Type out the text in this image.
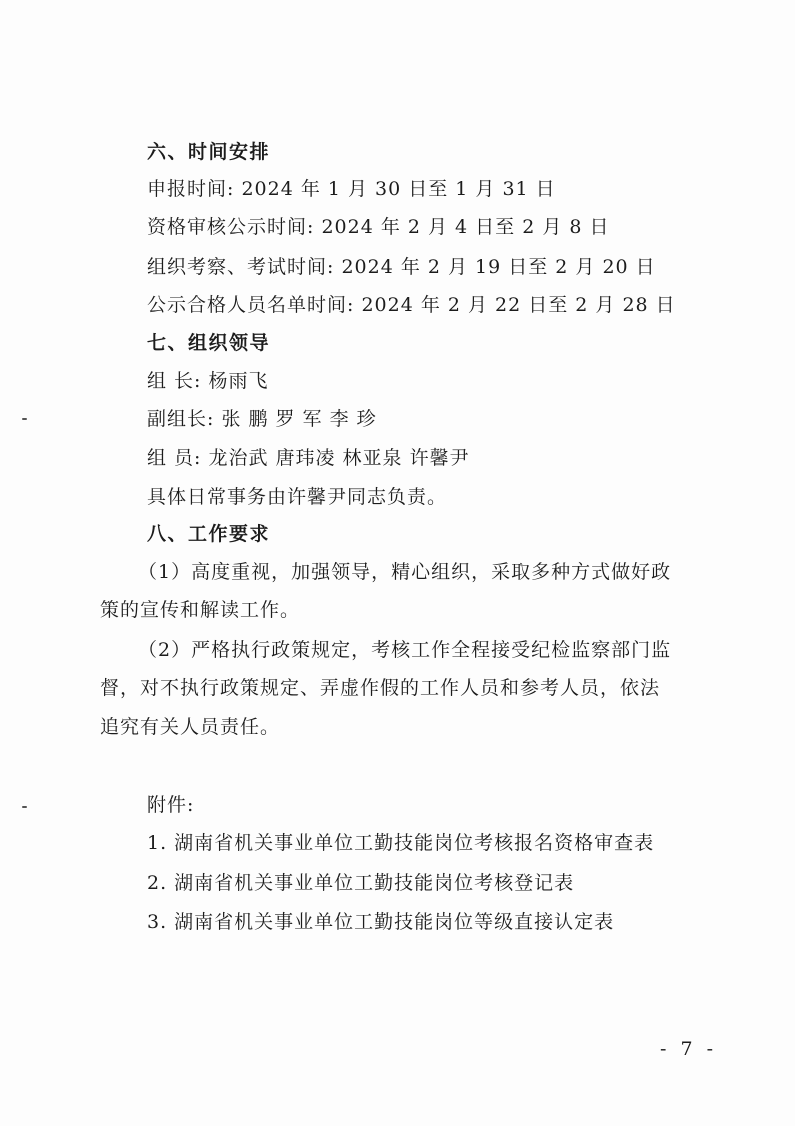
六、时间安排
申报时间: 2024 年 1 月 30 日至 1 月 31 日
资格审核公示时间: 2024 年 2 月 4 日至 2 月 8 日
组织考察、考试时间: 2024 年 2 月 19 日至 2 月 20 日
公示合格人员名单时间: 2024 年 2 月 22 日至 2 月 28 日
七、组织领导
组 长: 杨雨飞
副组长: 张 鹏 罗 军 李 珍
组 员: 龙治武 唐玮凌 林亚泉 许馨尹
具体日常事务由许馨尹同志负责。
八、工作要求
（1）高度重视，加强领导，精心组织，采取多种方式做好政
策的宣传和解读工作。
（2）严格执行政策规定，考核工作全程接受纪检监察部门监
督，对不执行政策规定、弄虚作假的工作人员和参考人员，依法
追究有关人员责任。
附件:
1. 湖南省机关事业单位工勤技能岗位考核报名资格审查表
2. 湖南省机关事业单位工勤技能岗位考核登记表
3. 湖南省机关事业单位工勤技能岗位等级直接认定表
- 7 -
